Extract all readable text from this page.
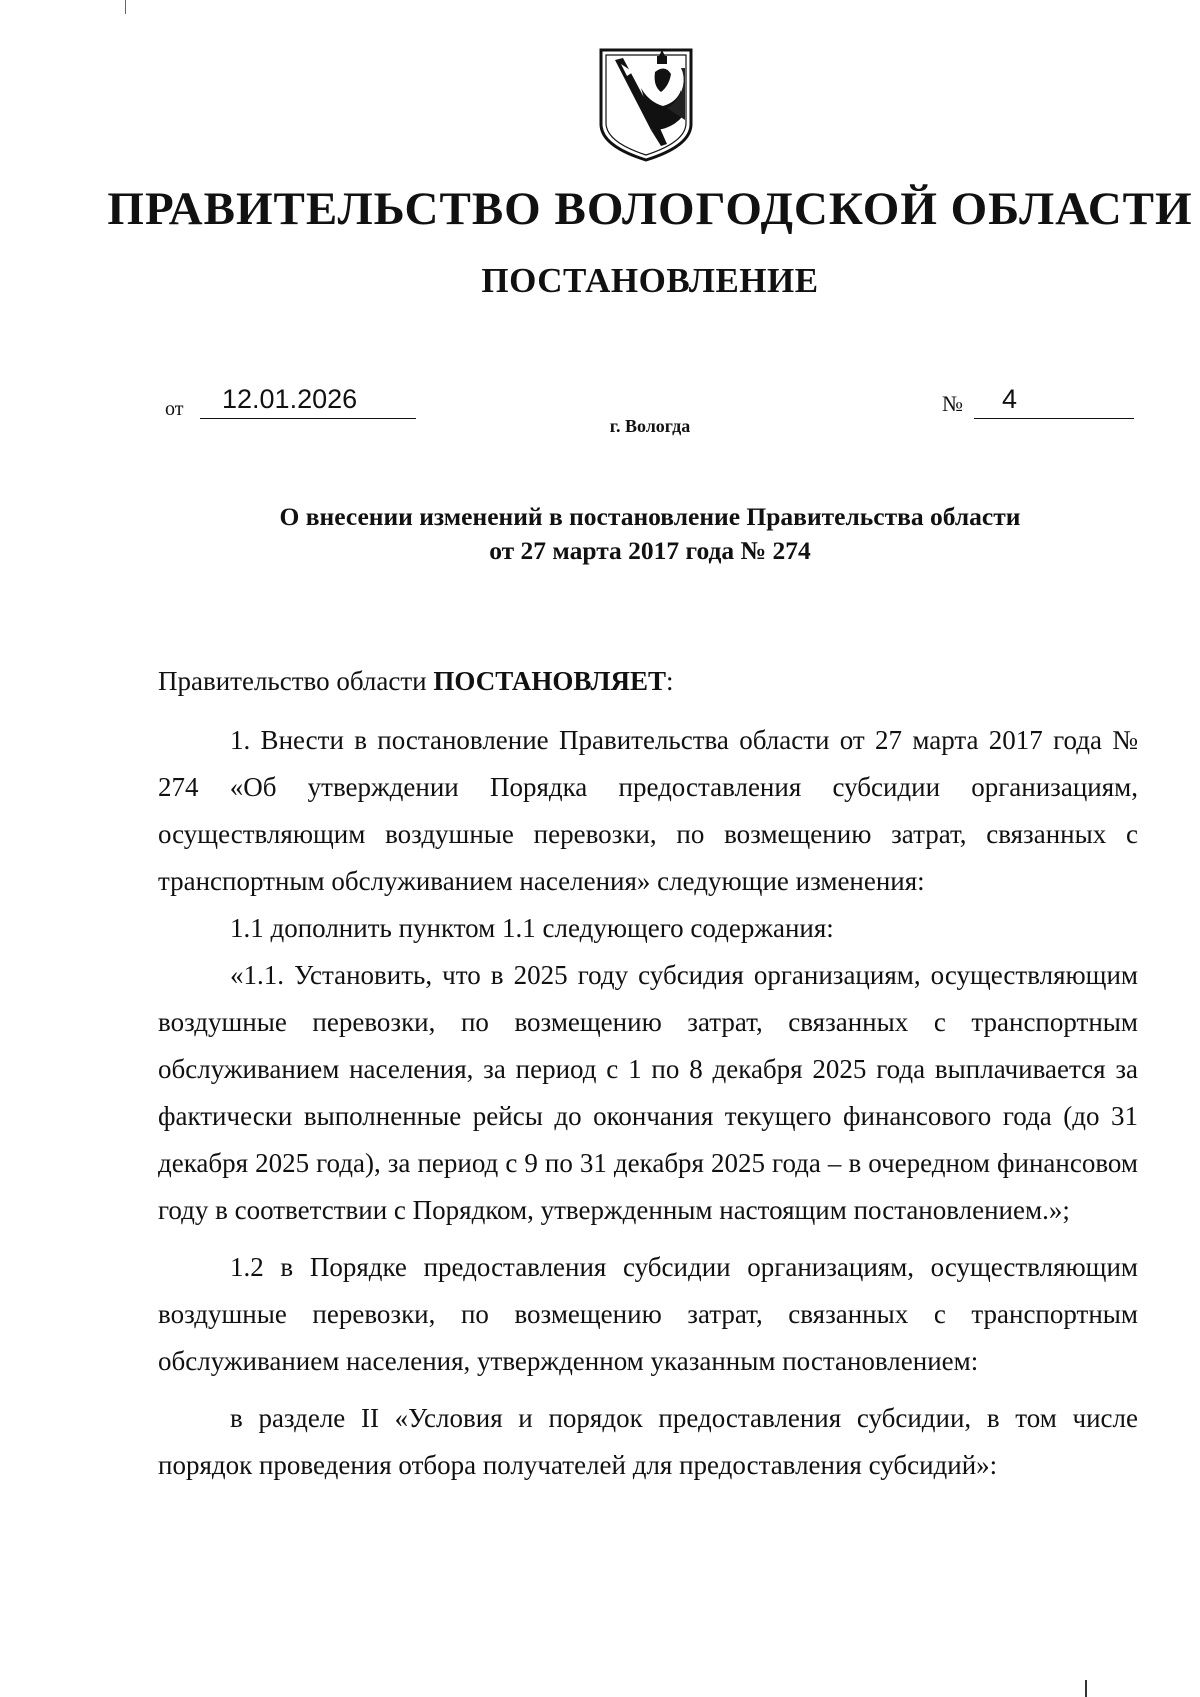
ПРАВИТЕЛЬСТВО ВОЛОГОДСКОЙ ОБЛАСТИ
ПОСТАНОВЛЕНИЕ
от	12.01.2026	№	4
г. Вологда
О внесении изменений в постановление Правительства области
от 27 марта 2017 года № 274

Правительство области ПОСТАНОВЛЯЕТ:

1. Внести в постановление Правительства области от 27 марта 2017 года № 274 «Об утверждении Порядка предоставления субсидии организациям, осуществляющим воздушные перевозки, по возмещению затрат, связанных с транспортным обслуживанием населения» следующие изменения:

1.1 дополнить пунктом 1.1 следующего содержания:

«1.1. Установить, что в 2025 году субсидия организациям, осуществляющим воздушные перевозки, по возмещению затрат, связанных с транспортным обслуживанием населения, за период с 1 по 8 декабря 2025 года выплачивается за фактически выполненные рейсы до окончания текущего финансового года (до 31 декабря 2025 года), за период с 9 по 31 декабря 2025 года – в очередном финансовом году в соответствии с Порядком, утвержденным настоящим постановлением.»;

1.2 в Порядке предоставления субсидии организациям, осуществляющим воздушные перевозки, по возмещению затрат, связанных с транспортным обслуживанием населения, утвержденном указанным постановлением:

в разделе II «Условия и порядок предоставления субсидии, в том числе порядок проведения отбора получателей для предоставления субсидий»:
